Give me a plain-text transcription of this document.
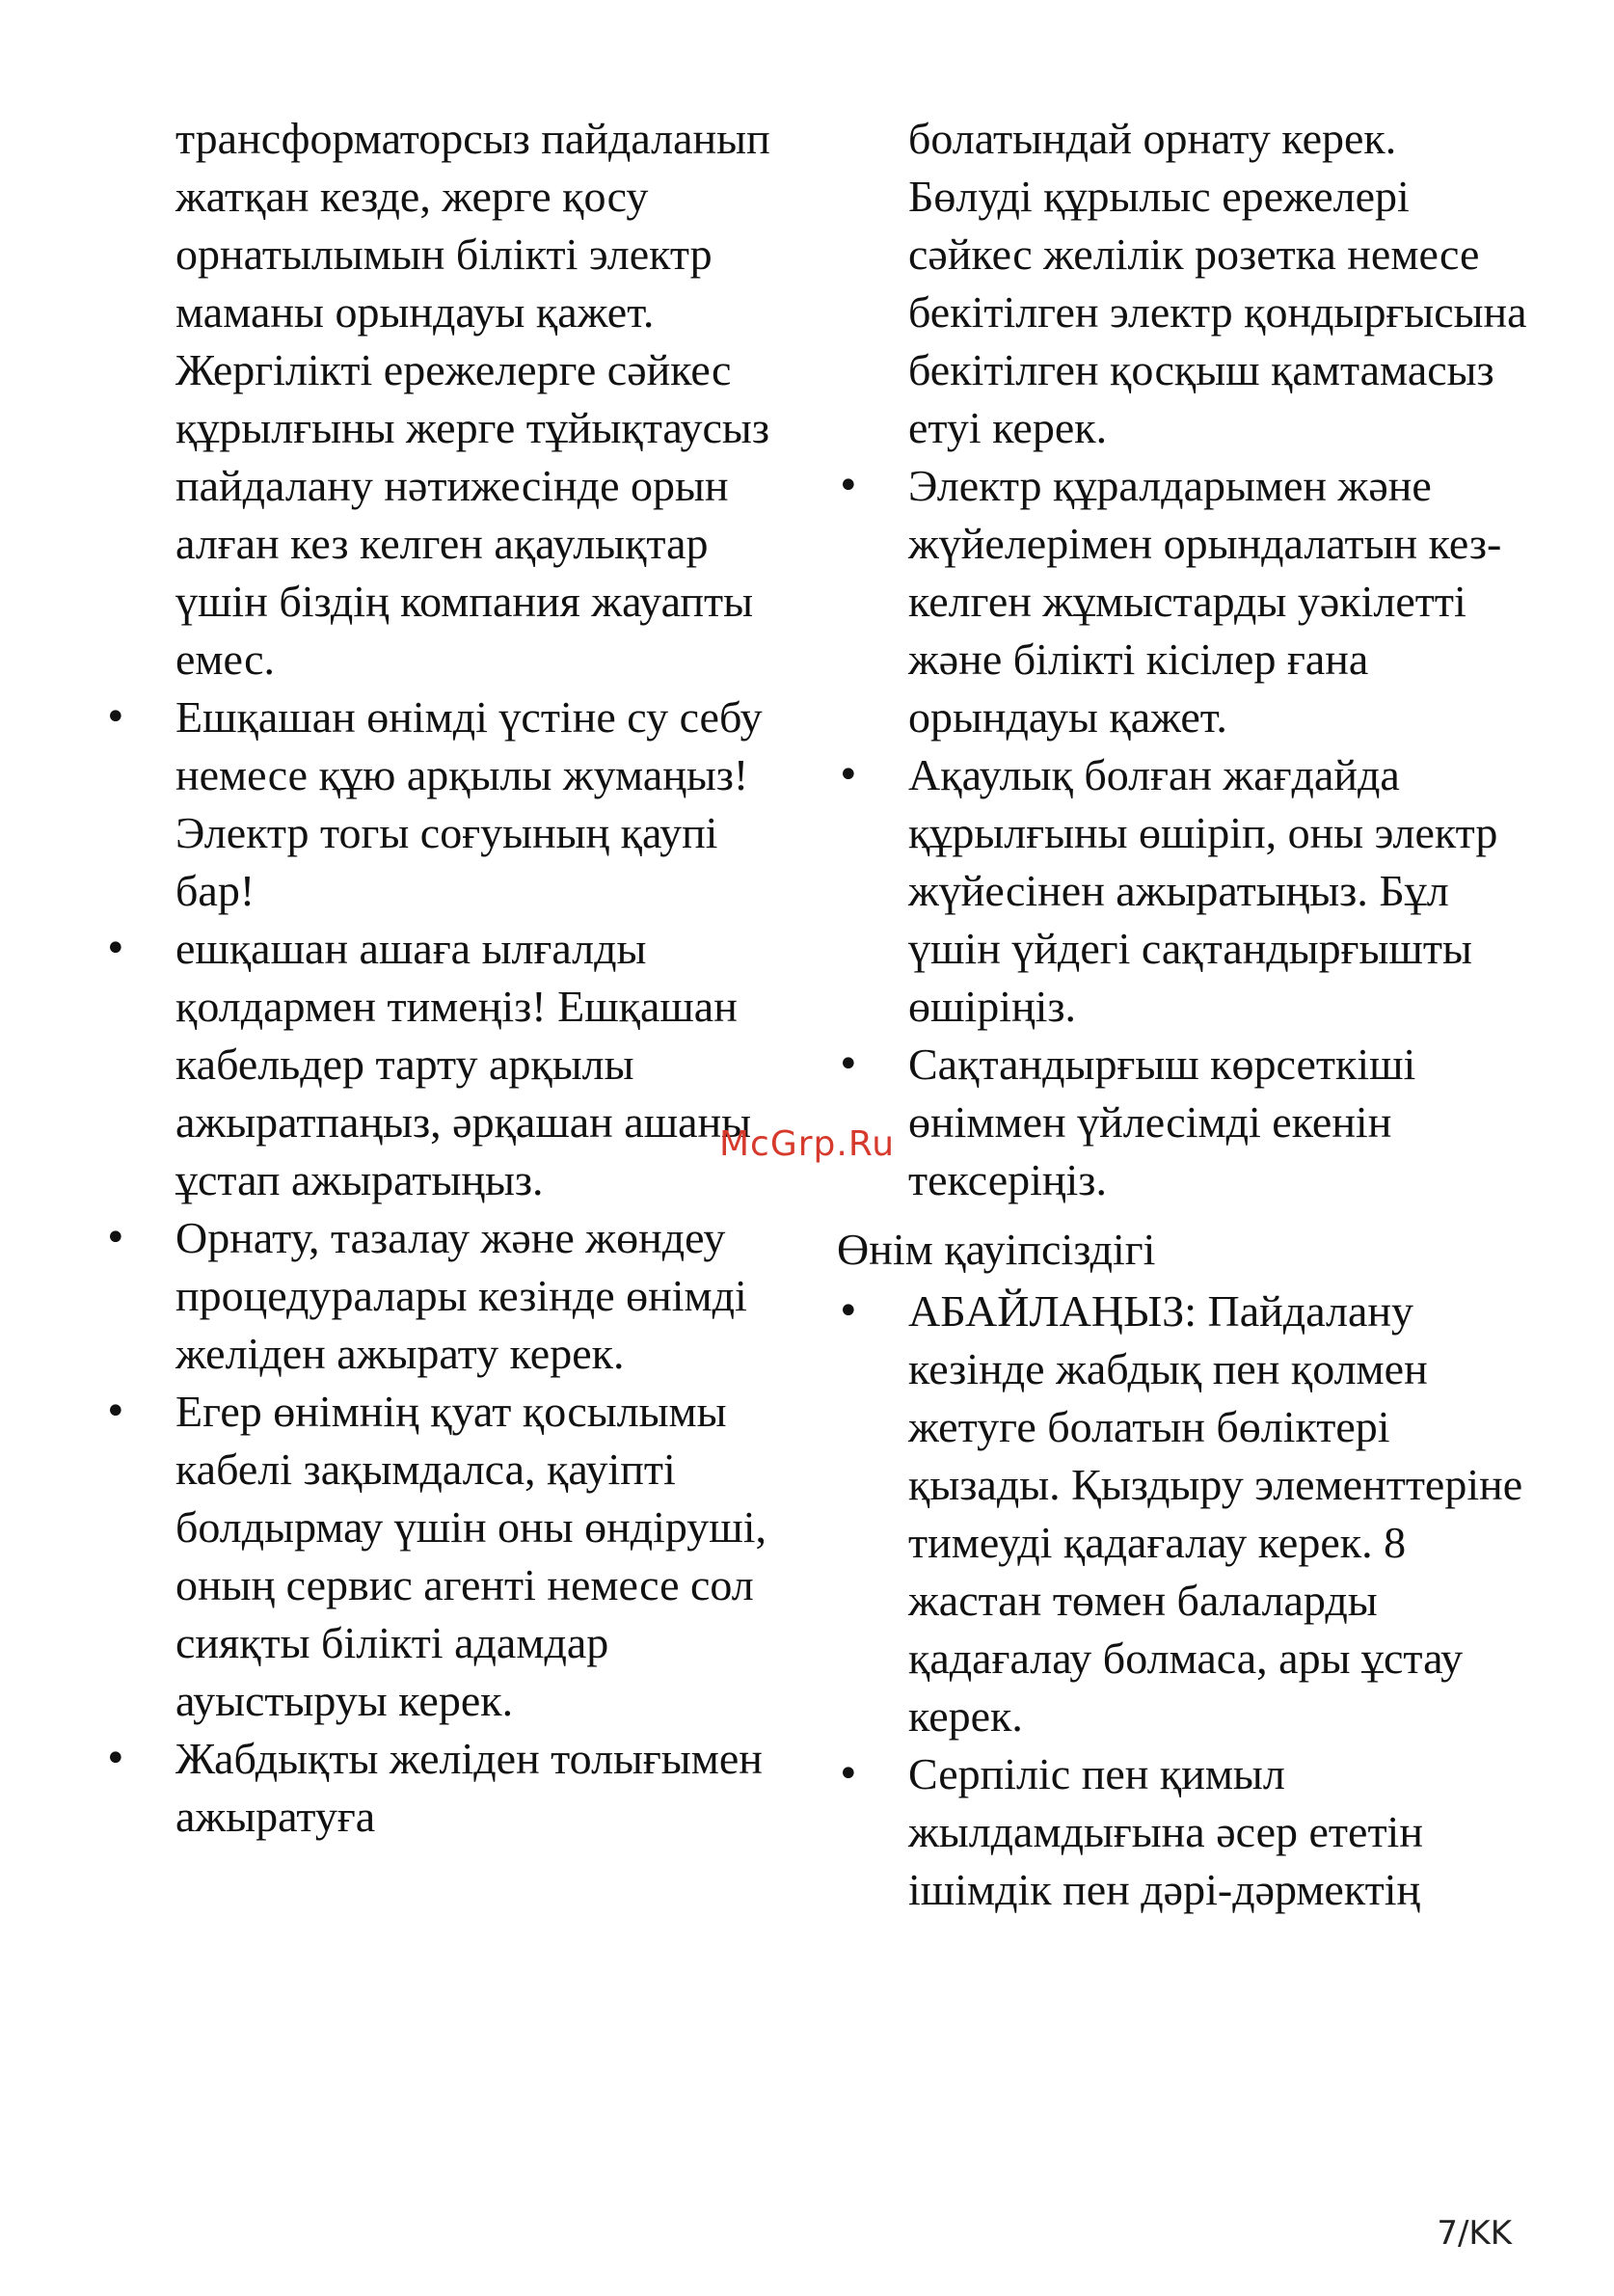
трансформаторсыз пайдаланып жатқан кезде, жерге қосу орнатылымын білікті электр маманы орындауы қажет. Жергілікті ережелерге сәйкес құрылғыны жерге тұйықтаусыз пайдалану нәтижесінде орын алған кез келген ақаулықтар үшін біздің компания жауапты емес.

• Ешқашан өнімді үстіне су себу немесе құю арқылы жумаңыз! Электр тогы соғуының қаупі бар!
• ешқашан ашаға ылғалды қолдармен тимеңіз! Ешқашан кабельдер тарту арқылы ажыратпаңыз, әрқашан ашаны ұстап ажыратыңыз.
• Орнату, тазалау және жөндеу процедуралары кезінде өнімді желіден ажырату керек.
• Егер өнімнің қуат қосылымы кабелі зақымдалса, қауіпті болдырмау үшін оны өндіруші, оның сервис агенті немесе сол сияқты білікті адамдар ауыстыруы керек.
• Жабдықты желіден толығымен ажыратуға

болатындай орнату керек. Бөлуді құрылыс ережелері сәйкес желілік розетка немесе бекітілген электр қондырғысына бекітілген қосқыш қамтамасыз етуі керек.

• Электр құралдарымен және жүйелерімен орындалатын кез-келген жұмыстарды уәкілетті және білікті кісілер ғана орындауы қажет.
• Ақаулық болған жағдайда құрылғыны өшіріп, оны электр жүйесінен ажыратыңыз. Бұл үшін үйдегі сақтандырғышты өшіріңіз.
• Сақтандырғыш көрсеткіші өніммен үйлесімді екенін тексеріңіз.

Өнім қауіпсіздігі

• АБАЙЛАҢЫЗ: Пайдалану кезінде жабдық пен қолмен жетуге болатын бөліктері қызады. Қыздыру элементтеріне тимеуді қадағалау керек. 8 жастан төмен балаларды қадағалау болмаса, ары ұстау керек.
• Серпіліс пен қимыл жылдамдығына әсер ететін ішімдік пен дәрі-дәрмектің
McGrp.Ru
7/KK
